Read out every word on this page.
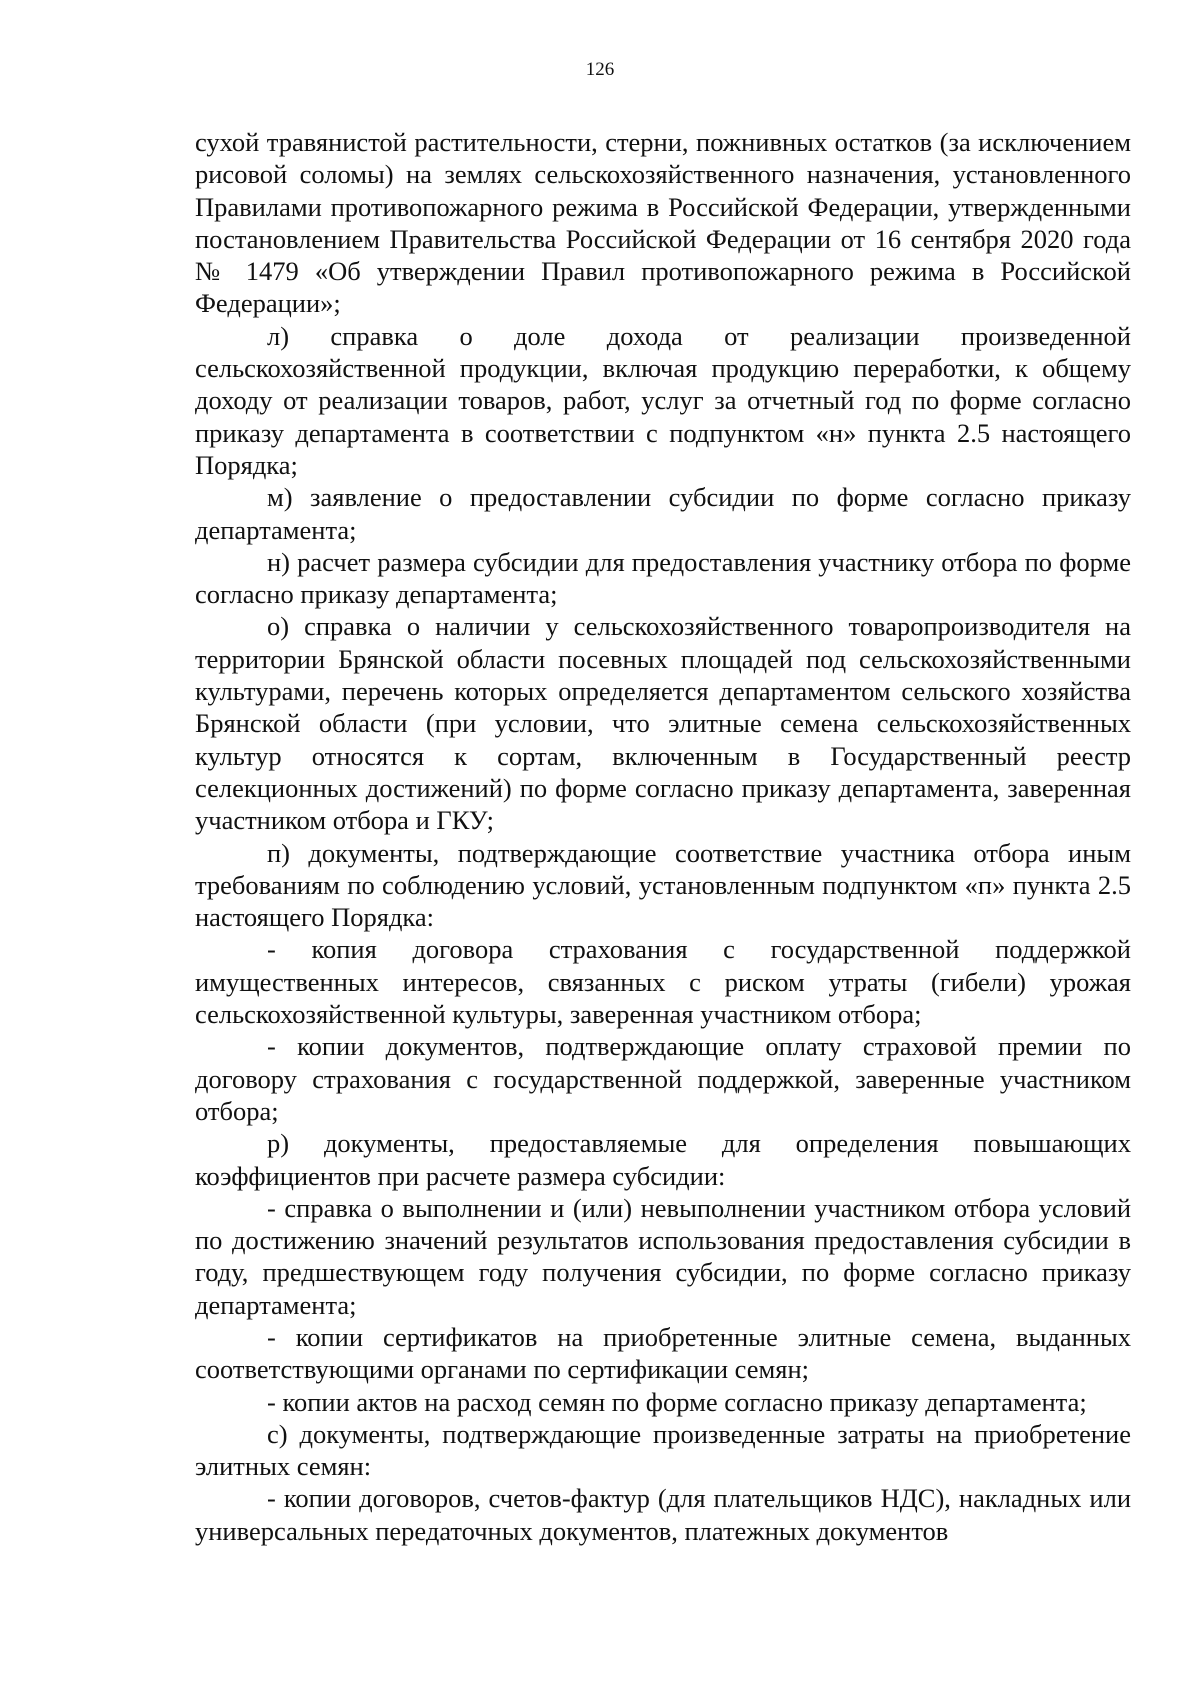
126

сухой травянистой растительности, стерни, пожнивных остатков (за исключением рисовой соломы) на землях сельскохозяйственного назначения, установленного Правилами противопожарного режима в Российской Федерации, утвержденными постановлением Правительства Российской Федерации от 16 сентября 2020 года № 1479 «Об утверждении Правил противопожарного режима в Российской Федерации»;

л) справка о доле дохода от реализации произведенной сельскохозяйственной продукции, включая продукцию переработки, к общему доходу от реализации товаров, работ, услуг за отчетный год по форме согласно приказу департамента в соответствии с подпунктом «н» пункта 2.5 настоящего Порядка;

м) заявление о предоставлении субсидии по форме согласно приказу департамента;

н) расчет размера субсидии для предоставления участнику отбора по форме согласно приказу департамента;

о) справка о наличии у сельскохозяйственного товаропроизводителя на территории Брянской области посевных площадей под сельскохозяйственными культурами, перечень которых определяется департаментом сельского хозяйства Брянской области (при условии, что элитные семена сельскохозяйственных культур относятся к сортам, включенным в Государственный реестр селекционных достижений) по форме согласно приказу департамента, заверенная участником отбора и ГКУ;

п) документы, подтверждающие соответствие участника отбора иным требованиям по соблюдению условий, установленным подпунктом «п» пункта 2.5 настоящего Порядка:

- копия договора страхования с государственной поддержкой имущественных интересов, связанных с риском утраты (гибели) урожая сельскохозяйственной культуры, заверенная участником отбора;

- копии документов, подтверждающие оплату страховой премии по договору страхования с государственной поддержкой, заверенные участником отбора;

р) документы, предоставляемые для определения повышающих коэффициентов при расчете размера субсидии:

- справка о выполнении и (или) невыполнении участником отбора условий по достижению значений результатов использования предоставления субсидии в году, предшествующем году получения субсидии, по форме согласно приказу департамента;

- копии сертификатов на приобретенные элитные семена, выданных соответствующими органами по сертификации семян;

- копии актов на расход семян по форме согласно приказу департамента;

с) документы, подтверждающие произведенные затраты на приобретение элитных семян:

- копии договоров, счетов-фактур (для плательщиков НДС), накладных или универсальных передаточных документов, платежных документов
